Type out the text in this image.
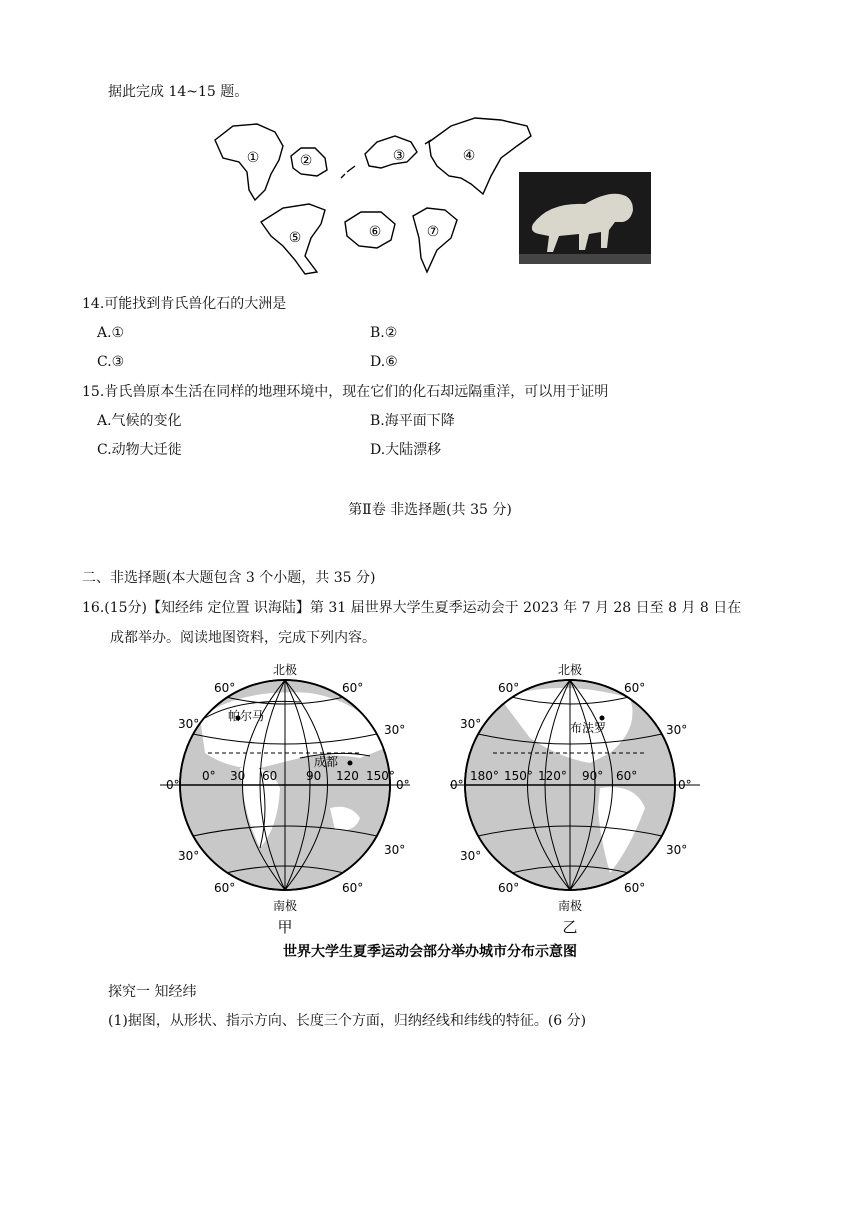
据此完成 14~15 题。
①	②	③	④
⑤	⑥	⑦
14.可能找到肯氏兽化石的大洲是
A.①	B.②
C.③	D.⑥
15.肯氏兽原本生活在同样的地理环境中，现在它们的化石却远隔重洋，可以用于证明
A.气候的变化	B.海平面下降
C.动物大迁徙	D.大陆漂移
第Ⅱ卷 非选择题(共 35 分)
二、非选择题(本大题包含 3 个小题，共 35 分)
16.(15分)【知经纬 定位置 识海陆】第 31 届世界大学生夏季运动会于 2023 年 7 月 28 日至 8 月 8 日在
成都举办。阅读地图资料，完成下列内容。
北极
南极
甲
帕尔马
成都
0° 30 60 90 120 150°
60°
30°
0°
30°
60°
60°
30°
0°
30°
60°
北极
南极
乙
布法罗
180° 150° 120° 90° 60°
60°
30°
0°
30°
60°
60°
30°
0°
30°
60°
世界大学生夏季运动会部分举办城市分布示意图
探究一 知经纬
(1)据图，从形状、指示方向、长度三个方面，归纳经线和纬线的特征。(6 分)
